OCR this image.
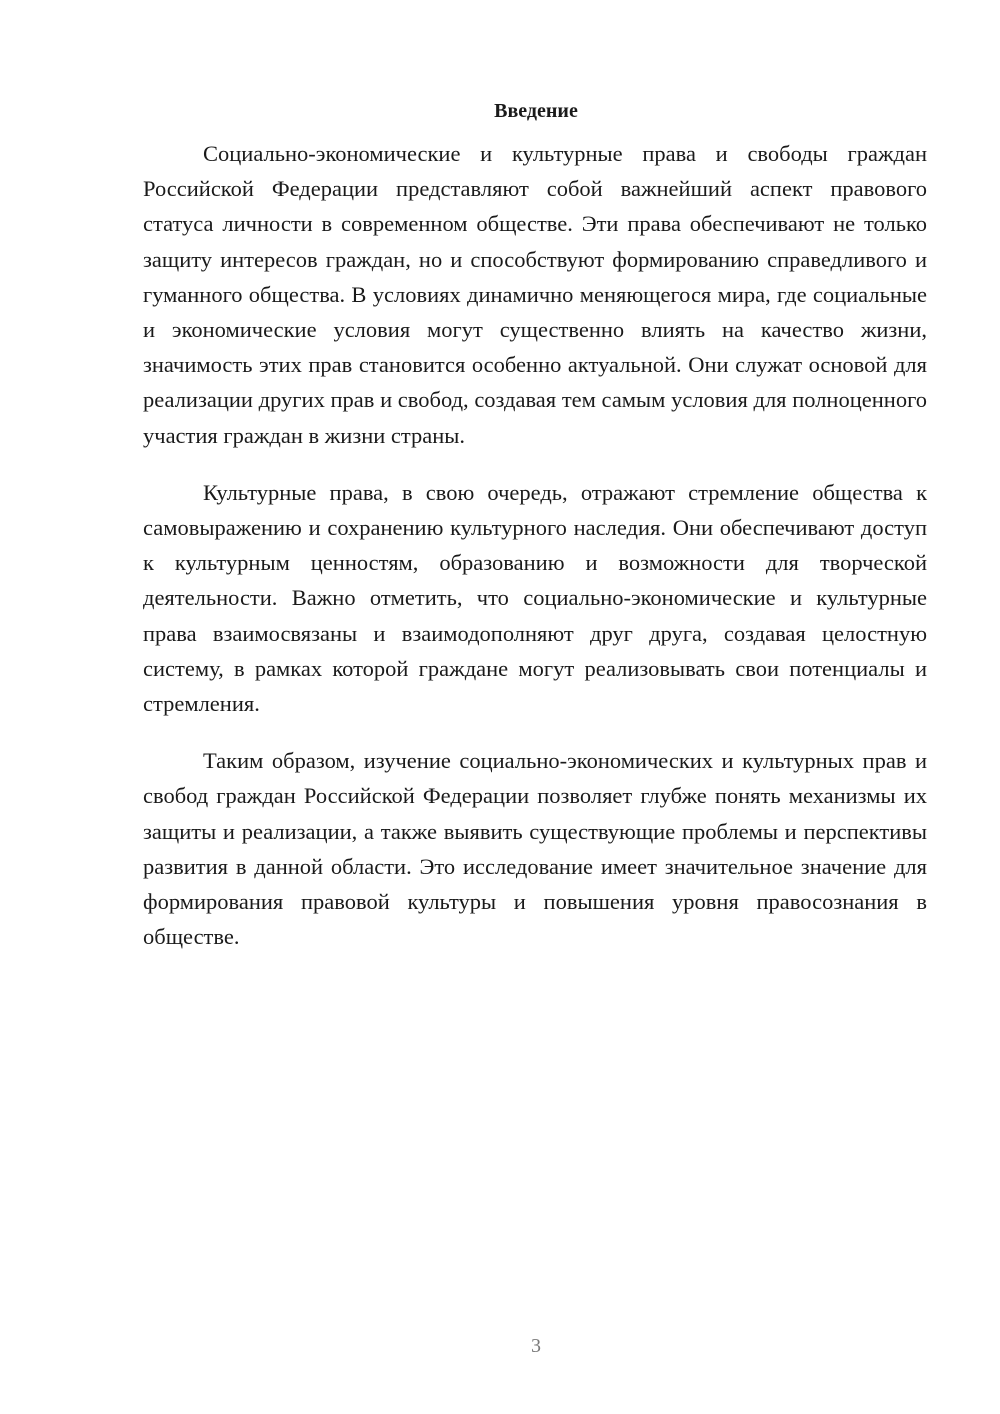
Введение

Социально-экономические и культурные права и свободы граждан Российской Федерации представляют собой важнейший аспект правового статуса личности в современном обществе. Эти права обеспечивают не только защиту интересов граждан, но и способствуют формированию справедливого и гуманного общества. В условиях динамично меняющегося мира, где социальные и экономические условия могут существенно влиять на качество жизни, значимость этих прав становится особенно актуальной. Они служат основой для реализации других прав и свобод, создавая тем самым условия для полноценного участия граждан в жизни страны.

Культурные права, в свою очередь, отражают стремление общества к самовыражению и сохранению культурного наследия. Они обеспечивают доступ к культурным ценностям, образованию и возможности для творческой деятельности. Важно отметить, что социально-экономические и культурные права взаимосвязаны и взаимодополняют друг друга, создавая целостную систему, в рамках которой граждане могут реализовывать свои потенциалы и стремления.

Таким образом, изучение социально-экономических и культурных прав и свобод граждан Российской Федерации позволяет глубже понять механизмы их защиты и реализации, а также выявить существующие проблемы и перспективы развития в данной области. Это исследование имеет значительное значение для формирования правовой культуры и повышения уровня правосознания в обществе.

3
